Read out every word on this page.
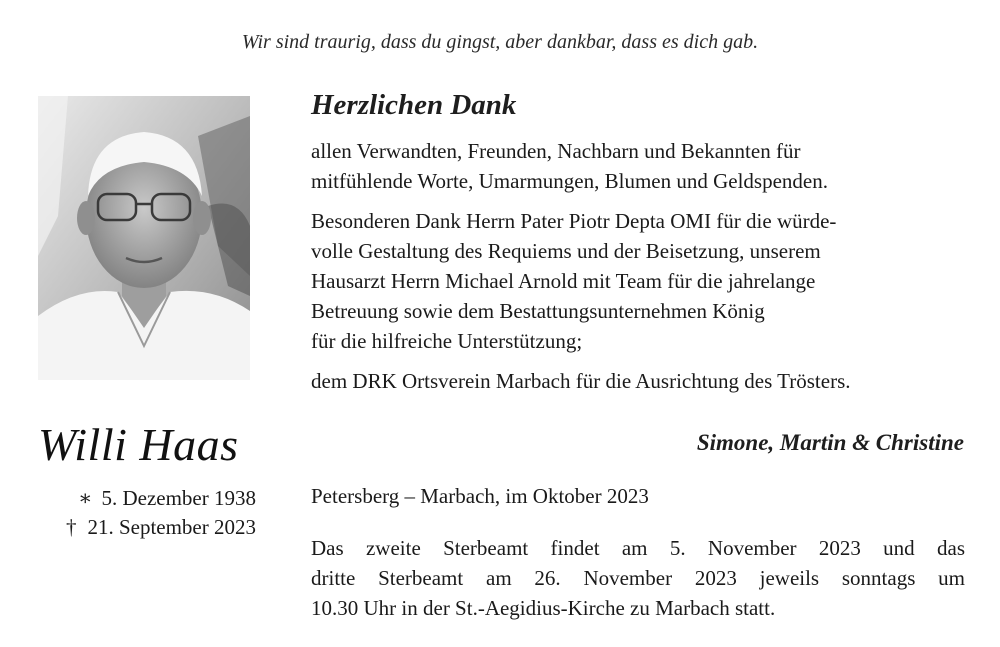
Wir sind traurig, dass du gingst, aber dankbar, dass es dich gab.
Willi Haas
∗ 5. Dezember 1938
† 21. September 2023
Herzlichen Dank
allen Verwandten, Freunden, Nachbarn und Bekannten für
mitfühlende Worte, Umarmungen, Blumen und Geldspenden.
Besonderen Dank Herrn Pater Piotr Depta OMI für die würde-
volle Gestaltung des Requiems und der Beisetzung, unserem
Hausarzt Herrn Michael Arnold mit Team für die jahrelange
Betreuung sowie dem Bestattungsunternehmen König
für die hilfreiche Unterstützung;
dem DRK Ortsverein Marbach für die Ausrichtung des Trösters.
Simone, Martin & Christine
Petersberg – Marbach, im Oktober 2023
Das zweite Sterbeamt findet am 5. November 2023 und das
dritte Sterbeamt am 26. November 2023 jeweils sonntags um
10.30 Uhr in der St.-Aegidius-Kirche zu Marbach statt.
